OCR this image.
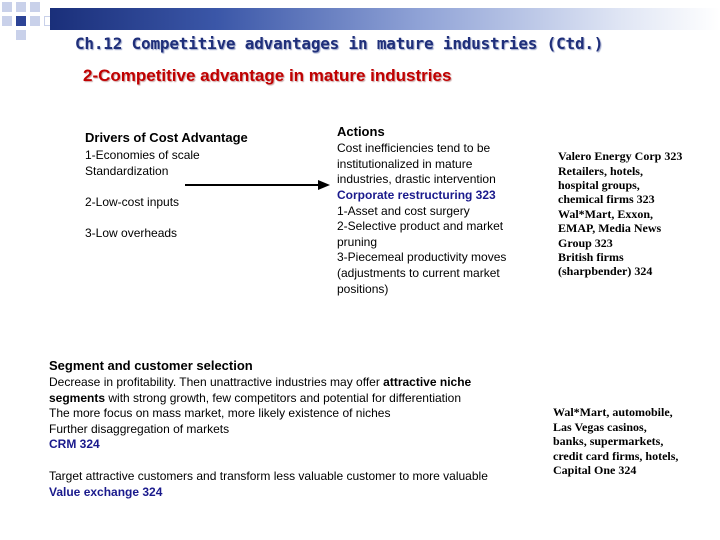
Ch.12 Competitive advantages in mature industries (Ctd.)
2-Competitive advantage in mature industries
Drivers of Cost Advantage
1-Economies of scale
Standardization
2-Low-cost inputs
3-Low overheads
Actions
Cost inefficiencies tend to be
institutionalized in mature
industries, drastic intervention
Corporate restructuring 323
1-Asset and cost surgery
2-Selective product and market
pruning
3-Piecemeal productivity moves
(adjustments to current market
positions)
Valero Energy Corp 323
Retailers, hotels,
hospital groups,
chemical firms 323
Wal*Mart, Exxon,
EMAP, Media News
Group 323
British firms
(sharpbender) 324
Segment and customer selection
Decrease in profitability. Then unattractive industries may offer attractive niche
segments with strong growth, few competitors and potential for differentiation
The more focus on mass market, more likely existence of niches
Further disaggregation of markets
CRM 324
Target attractive customers and transform less valuable customer to more valuable
Value exchange 324
Wal*Mart, automobile,
Las Vegas casinos,
banks, supermarkets,
credit card firms, hotels,
Capital One 324
